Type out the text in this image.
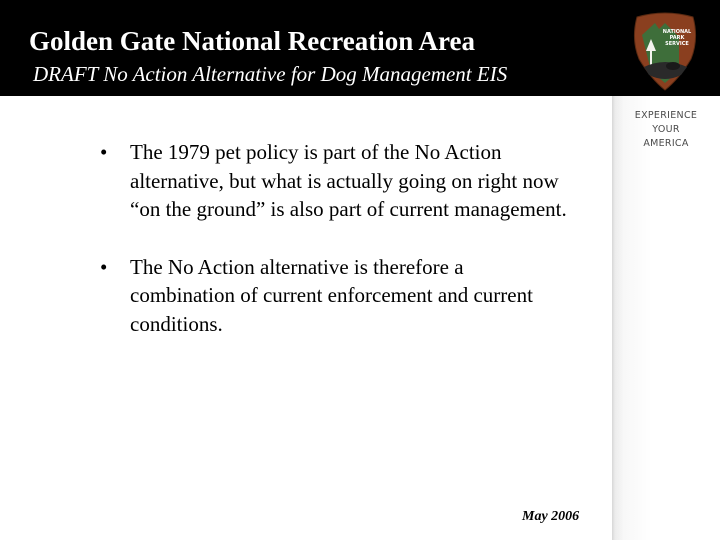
Golden Gate National Recreation Area
DRAFT No Action Alternative for Dog Management EIS
NATIONAL
PARK
SERVICE
EXPERIENCE
YOUR
AMERICA
• The 1979 pet policy is part of the No Action alternative, but what is actually going on right now “on the ground” is also part of current management.
• The No Action alternative is therefore a combination of current enforcement and current conditions.
May 2006
